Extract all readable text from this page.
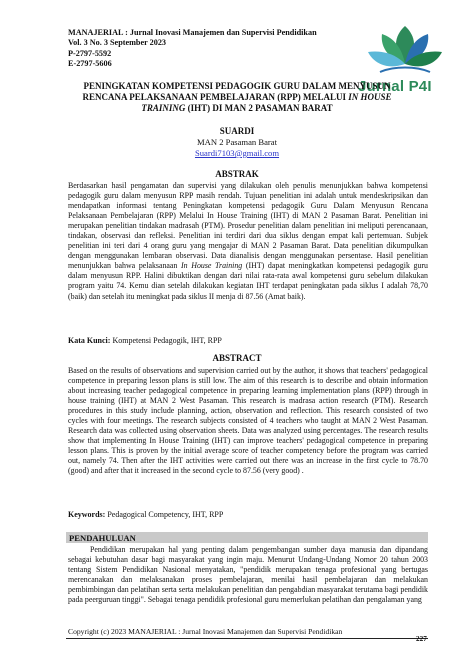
MANAJERIAL : Jurnal Inovasi Manajemen dan Supervisi Pendidikan
Vol. 3 No. 3 September 2023
P-2797-5592
E-2797-5606
Jurnal P4I
PENINGKATAN KOMPETENSI PEDAGOGIK GURU DALAM MENYUSUN
RENCANA PELAKSANAAN PEMBELAJARAN (RPP) MELALUI IN HOUSE
TRAINING (IHT) DI MAN 2 PASAMAN BARAT
SUARDI
MAN 2 Pasaman Barat
Suardi7103@gmail.com
ABSTRAK
Berdasarkan hasil pengamatan dan supervisi yang dilakukan oleh penulis menunjukkan bahwa kompetensi pedagogik guru dalam menyusun RPP masih rendah. Tujuan penelitian ini adalah untuk mendeskripsikan dan mendapatkan informasi tentang Peningkatan kompetensi pedagogik Guru Dalam Menyusun Rencana Pelaksanaan Pembelajaran (RPP) Melalui In House Training (IHT) di MAN 2 Pasaman Barat. Penelitian ini merupakan penelitian tindakan madrasah (PTM). Prosedur penelitian dalam penelitian ini meliputi perencanaan, tindakan, observasi dan refleksi. Penelitian ini terdiri dari dua siklus dengan empat kali pertemuan. Subjek penelitian ini teri dari 4 orang guru yang mengajar di MAN 2 Pasaman Barat. Data penelitian dikumpulkan dengan menggunakan lembaran observasi. Data dianalisis dengan menggunakan persentase. Hasil penelitian menunjukkan bahwa pelaksanaan In House Training (IHT) dapat meningkatkan kompetensi pedagogik guru dalam menyusun RPP. Halini dibuktikan dengan dari nilai rata-rata awal kompetensi guru sebelum dilakukan program yaitu 74. Kemu dian setelah dilakukan kegiatan IHT terdapat peningkatan pada siklus I adalah 78,70 (baik) dan setelah itu meningkat pada siklus II menja di 87.56 (Amat baik).
Kata Kunci: Kompetensi Pedagogik, IHT, RPP
ABSTRACT
Based on the results of observations and supervision carried out by the author, it shows that teachers' pedagogical competence in preparing lesson plans is still low. The aim of this research is to describe and obtain information about increasing teacher pedagogical competence in preparing learning implementation plans (RPP) through in house training (IHT) at MAN 2 West Pasaman. This research is madrasa action research (PTM). Research procedures in this study include planning, action, observation and reflection. This research consisted of two cycles with four meetings. The research subjects consisted of 4 teachers who taught at MAN 2 West Pasaman. Research data was collected using observation sheets. Data was analyzed using percentages. The research results show that implementing In House Training (IHT) can improve teachers' pedagogical competence in preparing lesson plans. This is proven by the initial average score of teacher competency before the program was carried out, namely 74. Then after the IHT activities were carried out there was an increase in the first cycle to 78.70 (good) and after that it increased in the second cycle to 87.56 (very good) .
Keywords: Pedagogical Competency, IHT, RPP
PENDAHULUAN
Pendidikan merupakan hal yang penting dalam pengembangan sumber daya manusia dan dipandang sebagai kebutuhan dasar bagi masyarakat yang ingin maju. Menurut Undang-Undang Nomor 20 tahun 2003 tentang Sistem Pendidikan Nasional menyatakan, "pendidik merupakan tenaga profesional yang bertugas merencanakan dan melaksanakan proses pembelajaran, menilai hasil pembelajaran dan melakukan pembimbingan dan pelatihan serta serta melakukan penelitian dan pengabdian masyarakat terutama bagi pendidik pada peerguruan tinggi". Sebagai tenaga pendidik profesional guru memerlukan pelatihan dan pengalaman yang
Copyright (c) 2023 MANAJERIAL : Jurnal Inovasi Manajemen dan Supervisi Pendidikan
227
